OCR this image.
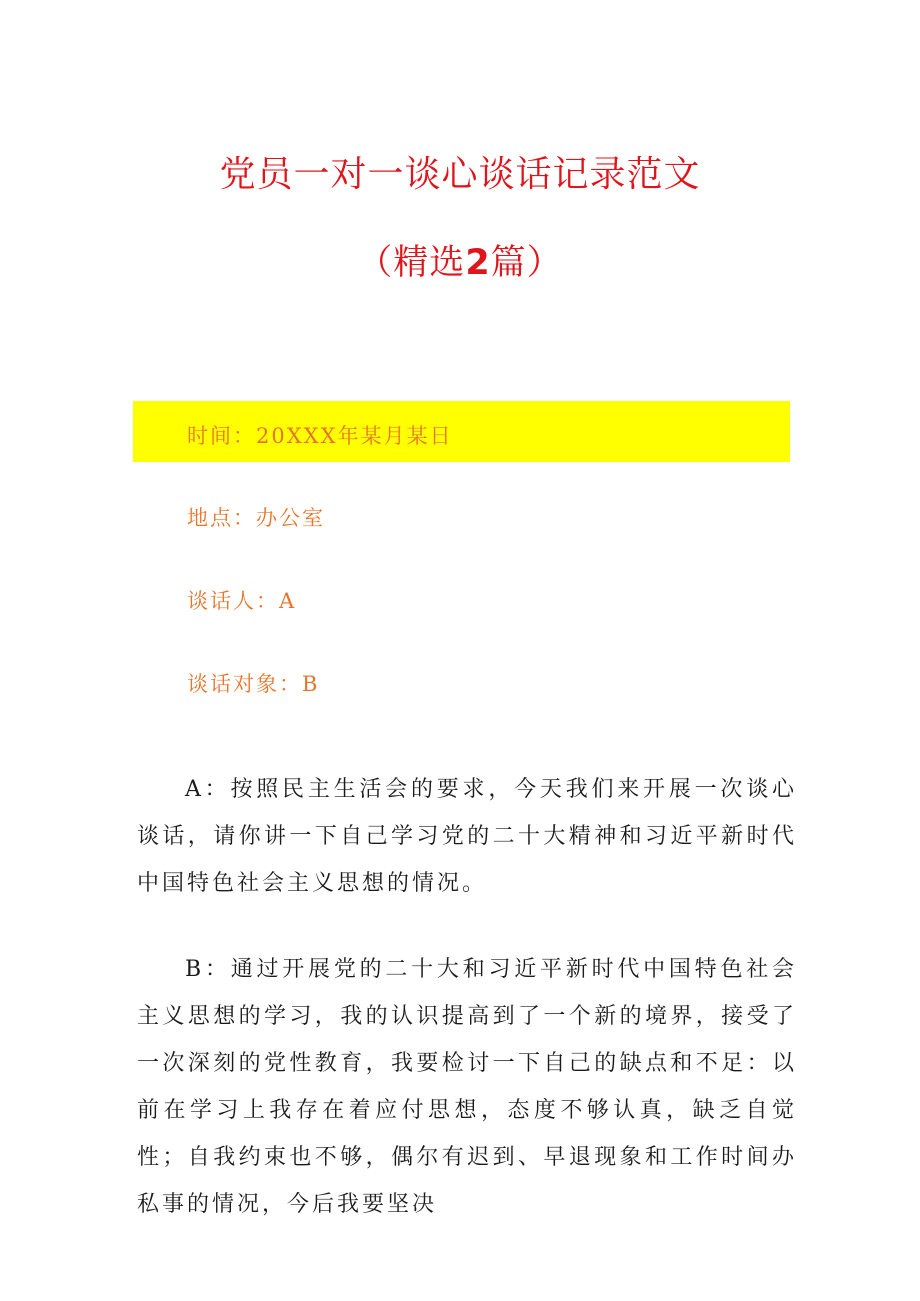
党员一对一谈心谈话记录范文
（精选2篇）
时间：20XXX年某月某日
地点：办公室
谈话人：A
谈话对象：B

A：按照民主生活会的要求，今天我们来开展一次谈心谈话，请你讲一下自己学习党的二十大精神和习近平新时代中国特色社会主义思想的情况。

B：通过开展党的二十大和习近平新时代中国特色社会主义思想的学习，我的认识提高到了一个新的境界，接受了一次深刻的党性教育，我要检讨一下自己的缺点和不足：以前在学习上我存在着应付思想，态度不够认真，缺乏自觉性；自我约束也不够，偶尔有迟到、早退现象和工作时间办私事的情况，今后我要坚决
